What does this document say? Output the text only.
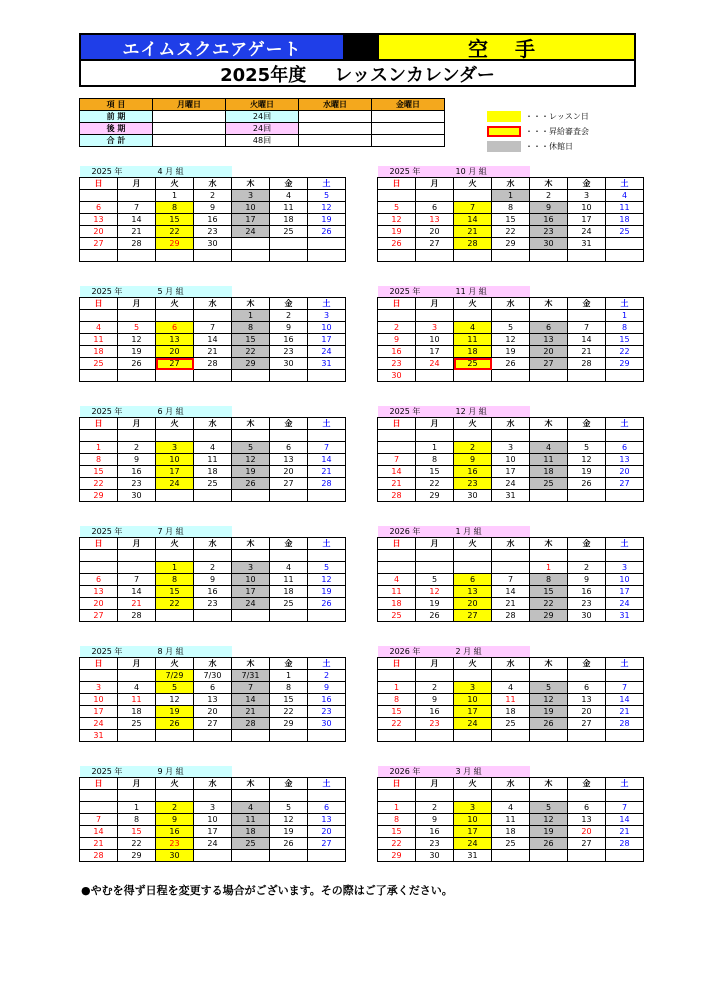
エイムスクエアゲート	空 手
2025年度 レッスンカレンダー
項 目	月曜日	火曜日	水曜日	金曜日
前 期		24回		
後 期		24回		
合 計		48回		
・・・レッスン日
・・・昇給審査会
・・・休館日
2025 年		4 月 組				
日	月	火	水	木	金	土
		1	2	3	4	5
6	7	8	9	10	11	12
13	14	15	16	17	18	19
20	21	22	23	24	25	26
27	28	29	30			

2025 年		5 月 組				
日	月	火	水	木	金	土
				1	2	3
4	5	6	7	8	9	10
11	12	13	14	15	16	17
18	19	20	21	22	23	24
25	26	27	28	29	30	31

2025 年		6 月 組				
日	月	火	水	木	金	土

1	2	3	4	5	6	7
8	9	10	11	12	13	14
15	16	17	18	19	20	21
22	23	24	25	26	27	28
29	30					
2025 年		7 月 組				
日	月	火	水	木	金	土

		1	2	3	4	5
6	7	8	9	10	11	12
13	14	15	16	17	18	19
20	21	22	23	24	25	26
27	28					
2025 年		8 月 組				
日	月	火	水	木	金	土
		7/29	7/30	7/31	1	2
3	4	5	6	7	8	9
10	11	12	13	14	15	16
17	18	19	20	21	22	23
24	25	26	27	28	29	30
31						
2025 年		9 月 組				
日	月	火	水	木	金	土

	1	2	3	4	5	6
7	8	9	10	11	12	13
14	15	16	17	18	19	20
21	22	23	24	25	26	27
28	29	30				
2025 年		10 月 組				
日	月	火	水	木	金	土
			1	2	3	4
5	6	7	8	9	10	11
12	13	14	15	16	17	18
19	20	21	22	23	24	25
26	27	28	29	30	31	

2025 年		11 月 組				
日	月	火	水	木	金	土
						1
2	3	4	5	6	7	8
9	10	11	12	13	14	15
16	17	18	19	20	21	22
23	24	25	26	27	28	29
30						
2025 年		12 月 組				
日	月	火	水	木	金	土

	1	2	3	4	5	6
7	8	9	10	11	12	13
14	15	16	17	18	19	20
21	22	23	24	25	26	27
28	29	30	31			
2026 年		1 月 組				
日	月	火	水	木	金	土

				1	2	3
4	5	6	7	8	9	10
11	12	13	14	15	16	17
18	19	20	21	22	23	24
25	26	27	28	29	30	31
2026 年		2 月 組				
日	月	火	水	木	金	土

1	2	3	4	5	6	7
8	9	10	11	12	13	14
15	16	17	18	19	20	21
22	23	24	25	26	27	28

2026 年		3 月 組				
日	月	火	水	木	金	土

1	2	3	4	5	6	7
8	9	10	11	12	13	14
15	16	17	18	19	20	21
22	23	24	25	26	27	28
29	30	31				
●やむを得ず日程を変更する場合がございます。その際はご了承ください。
